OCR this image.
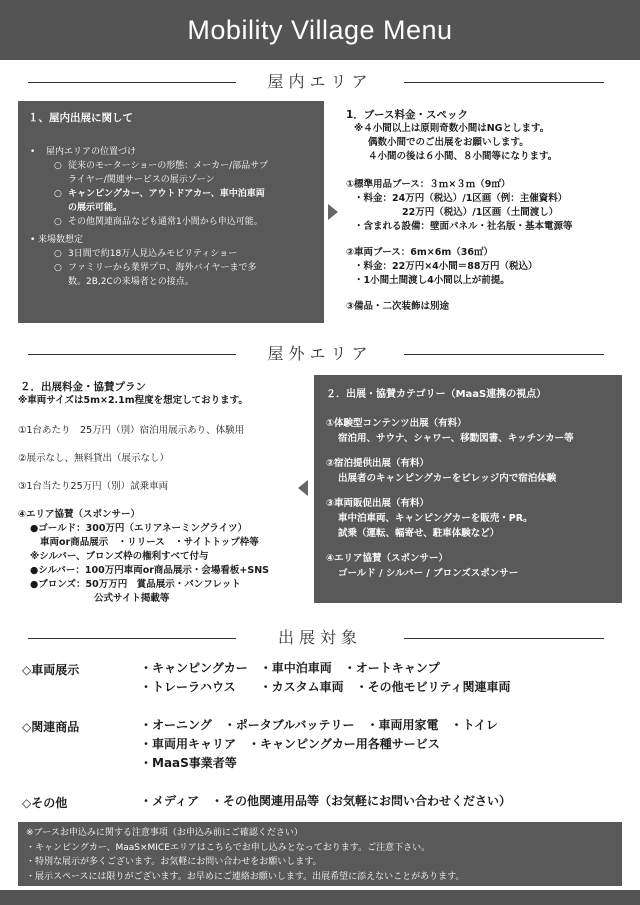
Mobility Village Menu
屋内エリア
１、屋内出展に関して
• 屋内エリアの位置づけ
○ 従来のモーターショーの形態：メーカー/部品サプ
ライヤー/関連サービスの展示ゾーン
○ キャンピングカー、アウトドアカー、車中泊車両
の展示可能。
○ その他関連商品なども通常1小間から申込可能。
• 来場数想定
○ 3日間で約18万人見込みモビリティショー
○ ファミリーから業界プロ、海外バイヤーまで多
数。2B,2Cの来場者との接点。
1．ブース料金・スペック
※４小間以上は原則奇数小間はNGとします。
偶数小間でのご出展をお願いします。
４小間の後は６小間、８小間等になります。
①標準用品ブース：３ｍ×３ｍ（9㎡）
・料金：24万円（税込）/1区画（例：主催資料）
22万円（税込）/1区画（土間渡し）
・含まれる設備：壁面パネル・社名版・基本電源等
②車両ブース：6m×6m（36㎡）
・料金：22万円×4小間＝88万円（税込）
・1小間土間渡し4小間以上が前提。
③備品・二次装飾は別途
屋外エリア
２．出展料金・協賛プラン
※車両サイズは5m×2.1m程度を想定しております。
①1台あたり　25万円（別）宿泊用展示あり、体験用
②展示なし、無料貸出（展示なし）
③1台当たり25万円（別）試乗車両
④エリア協賛（スポンサー）
●ゴールド：300万円（エリアネーミングライツ）
車両or商品展示　・リリース　・サイトトップ枠等
※シルバー、ブロンズ枠の権利すべて付与
●シルバー：100万円車両or商品展示・会場看板+SNS
●ブロンズ：50万万円　賞品展示・パンフレット
公式サイト掲載等
２．出展・協賛カテゴリー（MaaS連携の視点）
①体験型コンテンツ出展（有料）
宿泊用、サウナ、シャワー、移動図書、キッチンカー等
②宿泊提供出展（有料）
出展者のキャンピングカーをビレッジ内で宿泊体験
③車両販促出展（有料）
車中泊車両、キャンピングカーを販売・PR。
試乗（運転、幅寄せ、駐車体験など）
④エリア協賛（スポンサー）
ゴールド / シルバー / ブロンズスポンサー
出展対象
◇車両展示	・キャンピングカー　・車中泊車両　・オートキャンプ
・トレーラハウス　　・カスタム車両　・その他モビリティ関連車両
◇関連商品	・オーニング　・ポータブルバッテリー　・車両用家電　・トイレ
・車両用キャリア　・キャンピングカー用各種サービス
・MaaS事業者等
◇その他	・メディア　・その他関連用品等（お気軽にお問い合わせください）
※ブースお申込みに関する注意事項（お申込み前にご確認ください）
・キャンピングカー、MaaS×MICEエリアはこちらでお申し込みとなっております。ご注意下さい。
・特別な展示が多くございます。お気軽にお問い合わせをお願いします。
・展示スペースには限りがございます。お早めにご連絡お願いします。出展希望に添えないことがあります。
